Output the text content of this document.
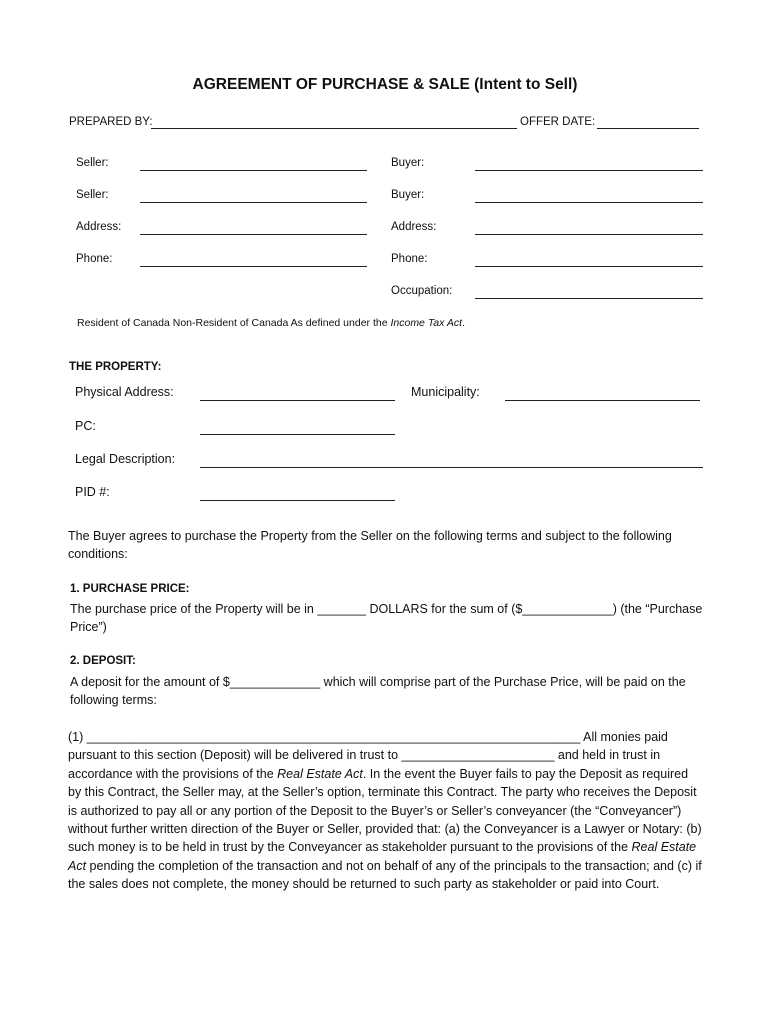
AGREEMENT OF PURCHASE & SALE (Intent to Sell)
PREPARED BY:	OFFER DATE:
Seller:
Seller:
Address:
Phone:
Buyer:
Buyer:
Address:
Phone:
Occupation:
Resident of Canada Non-Resident of Canada As defined under the Income Tax Act.
THE PROPERTY:
Physical Address:	Municipality:
PC:
Legal Description:
PID #:
The Buyer agrees to purchase the Property from the Seller on the following terms and subject to the following conditions:
1. PURCHASE PRICE:
The purchase price of the Property will be in _______ DOLLARS for the sum of ($_____________) (the “Purchase Price”)
2. DEPOSIT:
A deposit for the amount of $_____________ which will comprise part of the Purchase Price, will be paid on the following terms:
(1) _______________________________________________________________________ All monies paid pursuant to this section (Deposit) will be delivered in trust to ______________________ and held in trust in accordance with the provisions of the Real Estate Act. In the event the Buyer fails to pay the Deposit as required by this Contract, the Seller may, at the Seller’s option, terminate this Contract. The party who receives the Deposit is authorized to pay all or any portion of the Deposit to the Buyer’s or Seller’s conveyancer (the “Conveyancer”) without further written direction of the Buyer or Seller, provided that: (a) the Conveyancer is a Lawyer or Notary: (b) such money is to be held in trust by the Conveyancer as stakeholder pursuant to the provisions of the Real Estate Act pending the completion of the transaction and not on behalf of any of the principals to the transaction; and (c) if the sales does not complete, the money should be returned to such party as stakeholder or paid into Court.
